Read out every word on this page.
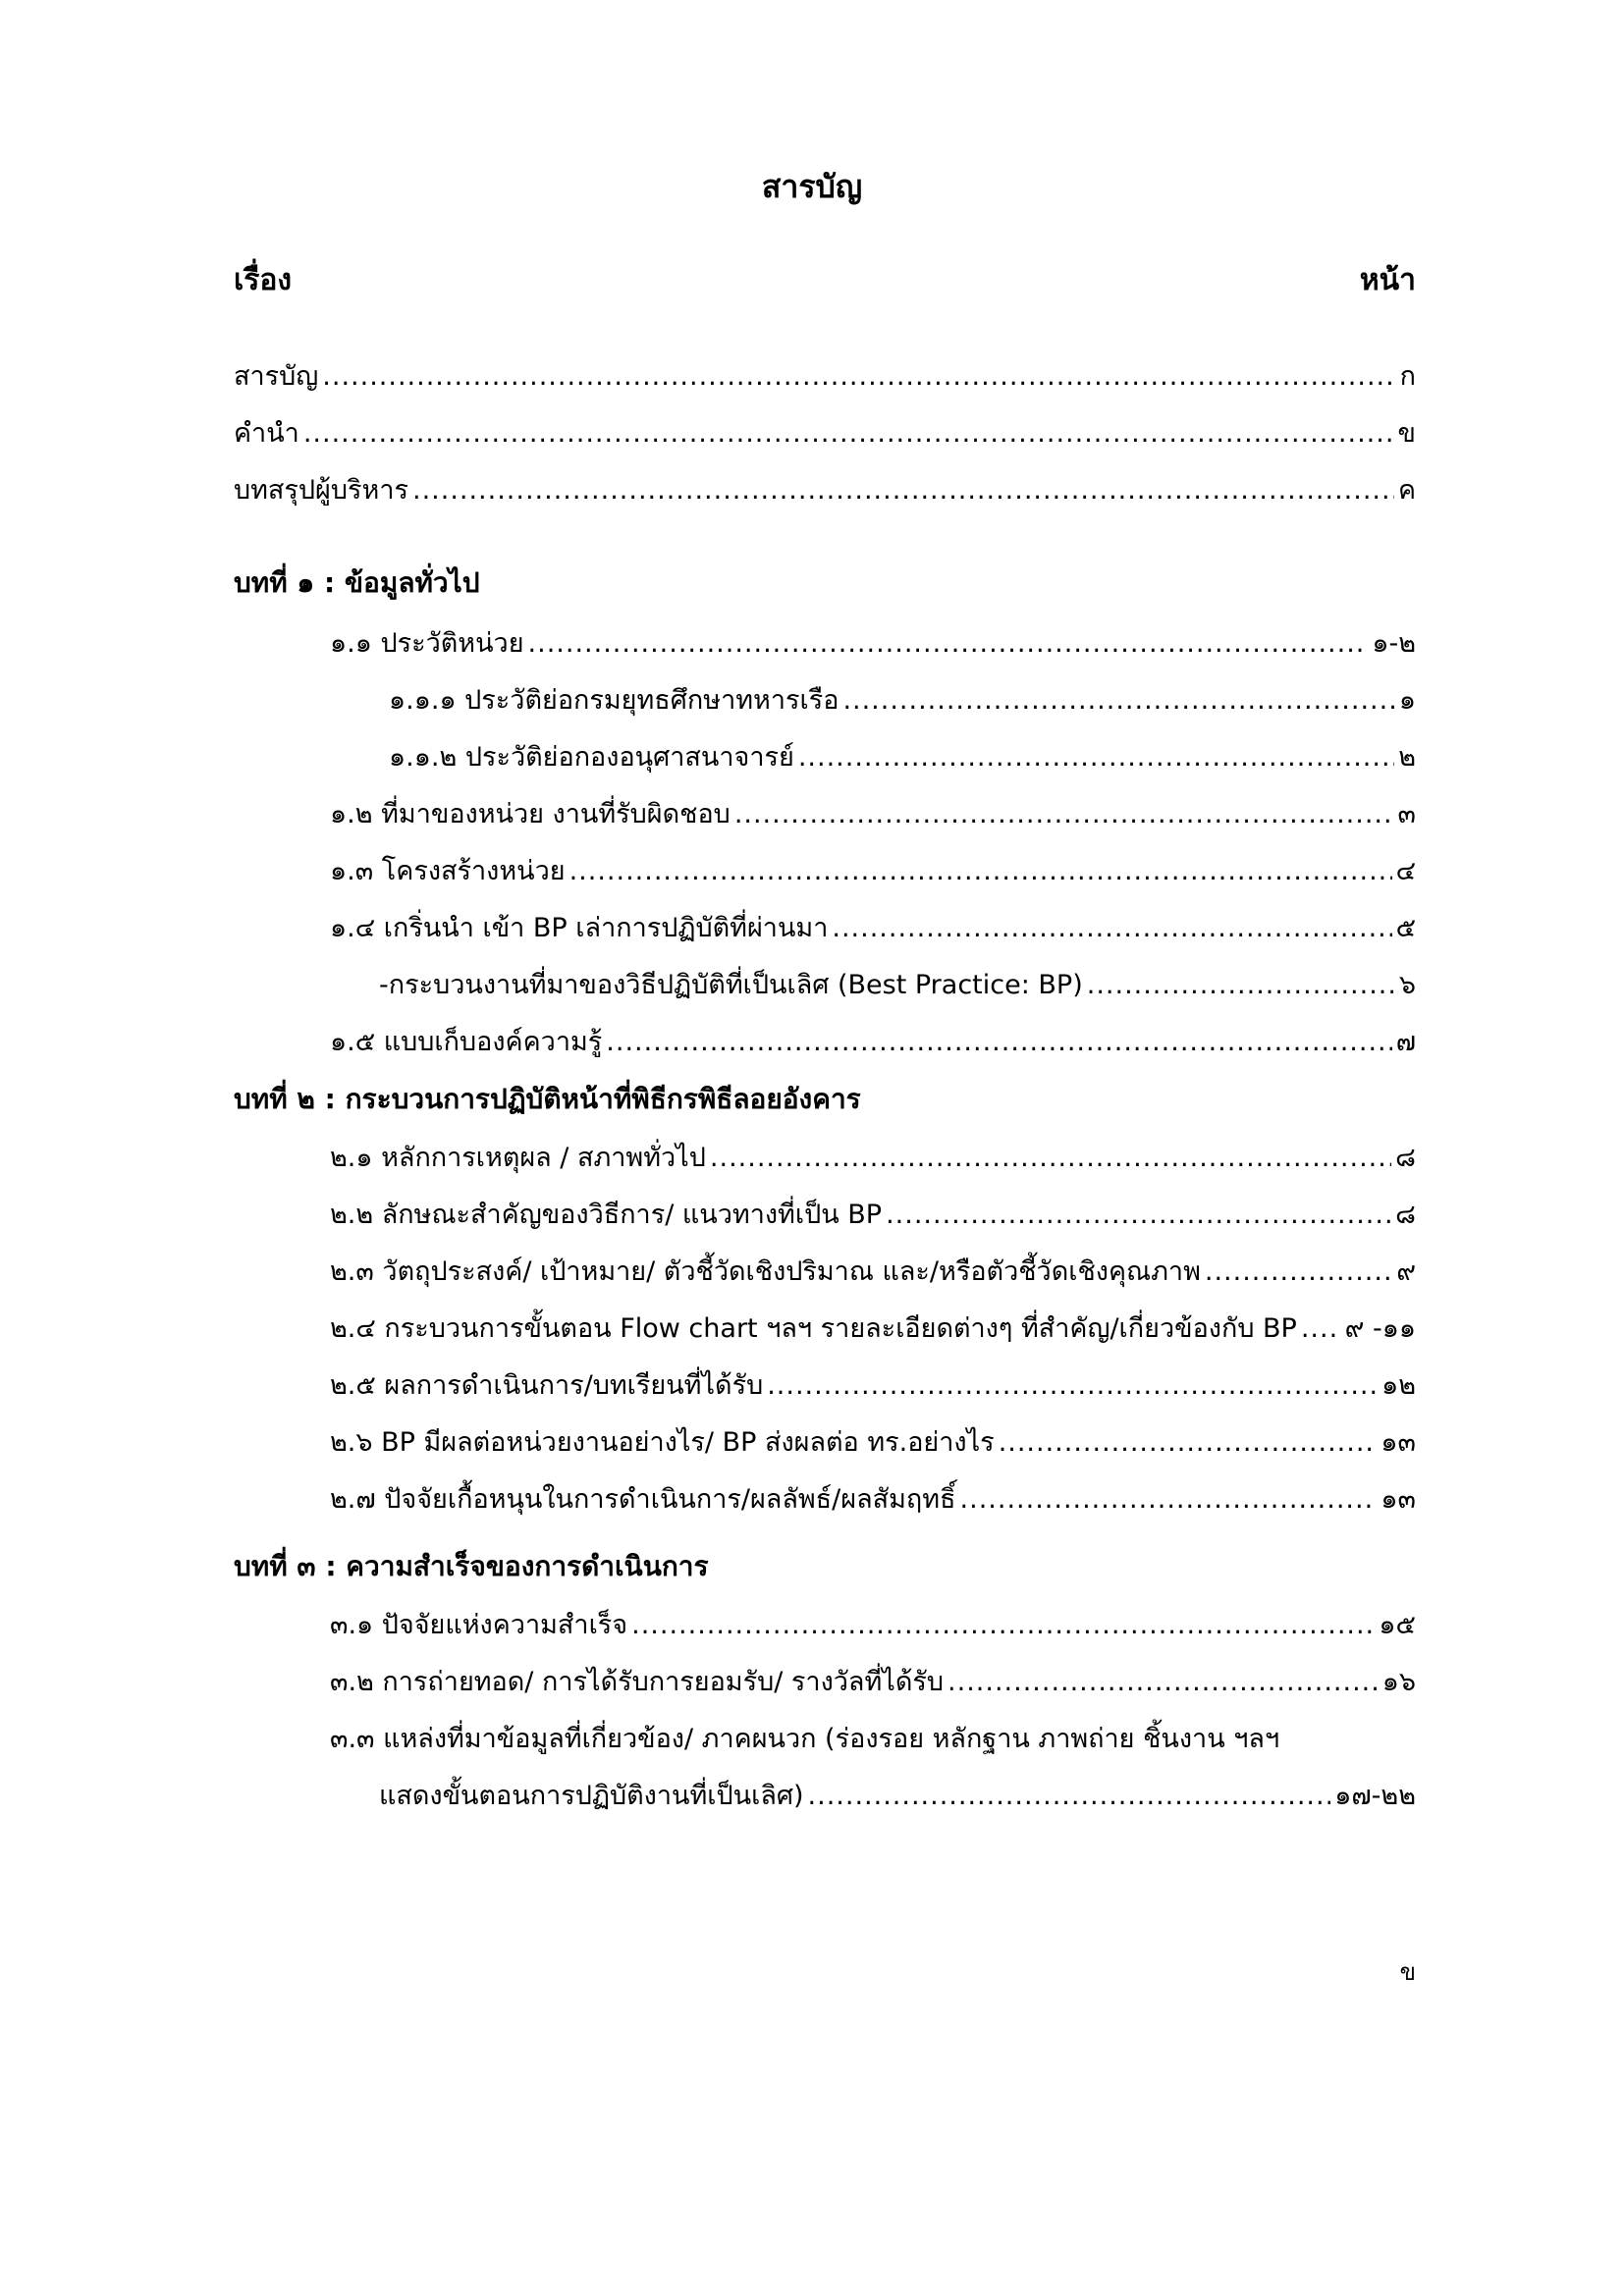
สารบัญ
เรื่อง	หน้า
สารบัญ .....	ก
คำนำ .....	ข
บทสรุปผู้บริหาร .....	ค
บทที่ ๑ : ข้อมูลทั่วไป
๑.๑ ประวัติหน่วย .....	๑-๒
๑.๑.๑ ประวัติย่อกรมยุทธศึกษาทหารเรือ .....	๑
๑.๑.๒ ประวัติย่อกองอนุศาสนาจารย์ .....	๒
๑.๒ ที่มาของหน่วย งานที่รับผิดชอบ .....	๓
๑.๓ โครงสร้างหน่วย .....	๔
๑.๔ เกริ่นนำ เข้า BP เล่าการปฏิบัติที่ผ่านมา .....	๕
-กระบวนงานที่มาของวิธีปฏิบัติที่เป็นเลิศ (Best Practice: BP) .....	๖
๑.๕ แบบเก็บองค์ความรู้ .....	๗
บทที่ ๒ : กระบวนการปฏิบัติหน้าที่พิธีกรพิธีลอยอังคาร
๒.๑ หลักการเหตุผล / สภาพทั่วไป .....	๘
๒.๒ ลักษณะสำคัญของวิธีการ/ แนวทางที่เป็น BP .....	๘
๒.๓ วัตถุประสงค์/ เป้าหมาย/ ตัวชี้วัดเชิงปริมาณ และ/หรือตัวชี้วัดเชิงคุณภาพ .....	๙
๒.๔ กระบวนการขั้นตอน Flow chart ฯลฯ รายละเอียดต่างๆ ที่สำคัญ/เกี่ยวข้องกับ BP ..... ๙ -๑๑
๒.๕ ผลการดำเนินการ/บทเรียนที่ได้รับ .....	๑๒
๒.๖ BP มีผลต่อหน่วยงานอย่างไร/ BP ส่งผลต่อ ทร.อย่างไร .....	๑๓
๒.๗ ปัจจัยเกื้อหนุนในการดำเนินการ/ผลลัพธ์/ผลสัมฤทธิ์ .....	๑๓
บทที่ ๓ : ความสำเร็จของการดำเนินการ
๓.๑ ปัจจัยแห่งความสำเร็จ .....	๑๕
๓.๒ การถ่ายทอด/ การได้รับการยอมรับ/ รางวัลที่ได้รับ .....	๑๖
๓.๓ แหล่งที่มาข้อมูลที่เกี่ยวข้อง/ ภาคผนวก (ร่องรอย หลักฐาน ภาพถ่าย ชิ้นงาน ฯลฯ
แสดงขั้นตอนการปฏิบัติงานที่เป็นเลิศ) .....	๑๗-๒๒
ข
